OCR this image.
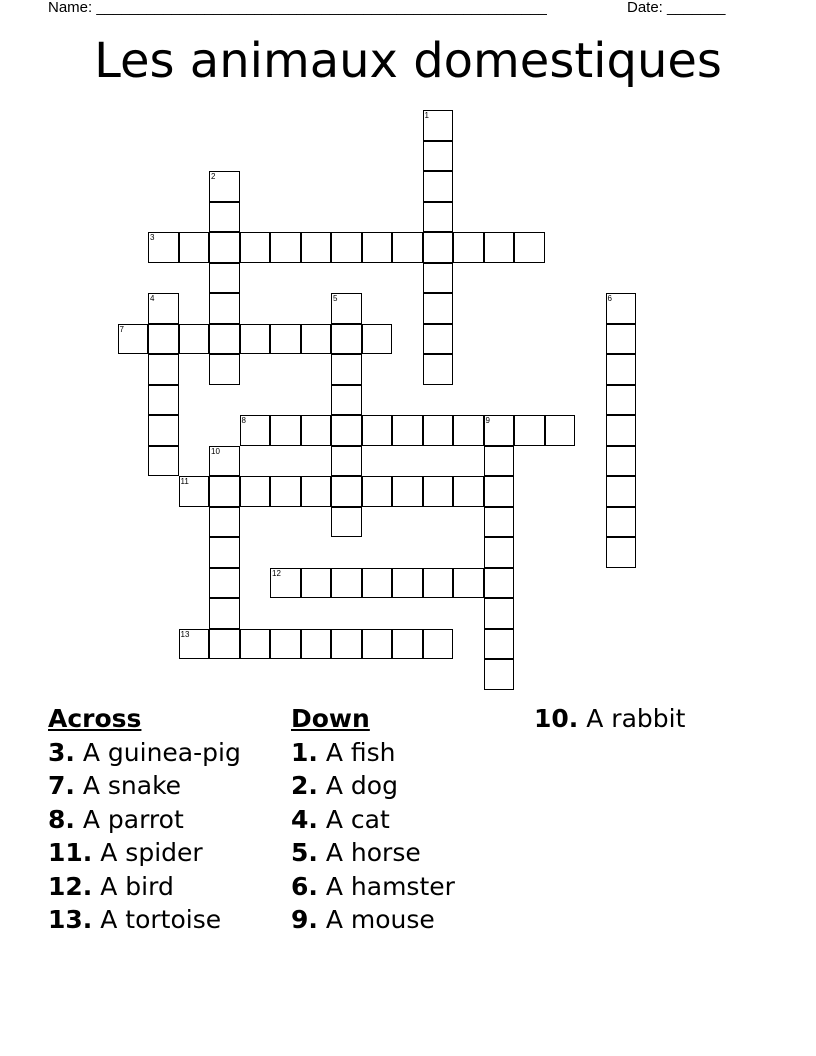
Name: ______________________________________________________	Date: _______
Les animaux domestiques
1
2
3
4	5	6
7
8	9
10
11
12
13
Across
3. A guinea-pig
7. A snake
8. A parrot
11. A spider
12. A bird
13. A tortoise
Down
1. A fish
2. A dog
4. A cat
5. A horse
6. A hamster
9. A mouse
10. A rabbit
